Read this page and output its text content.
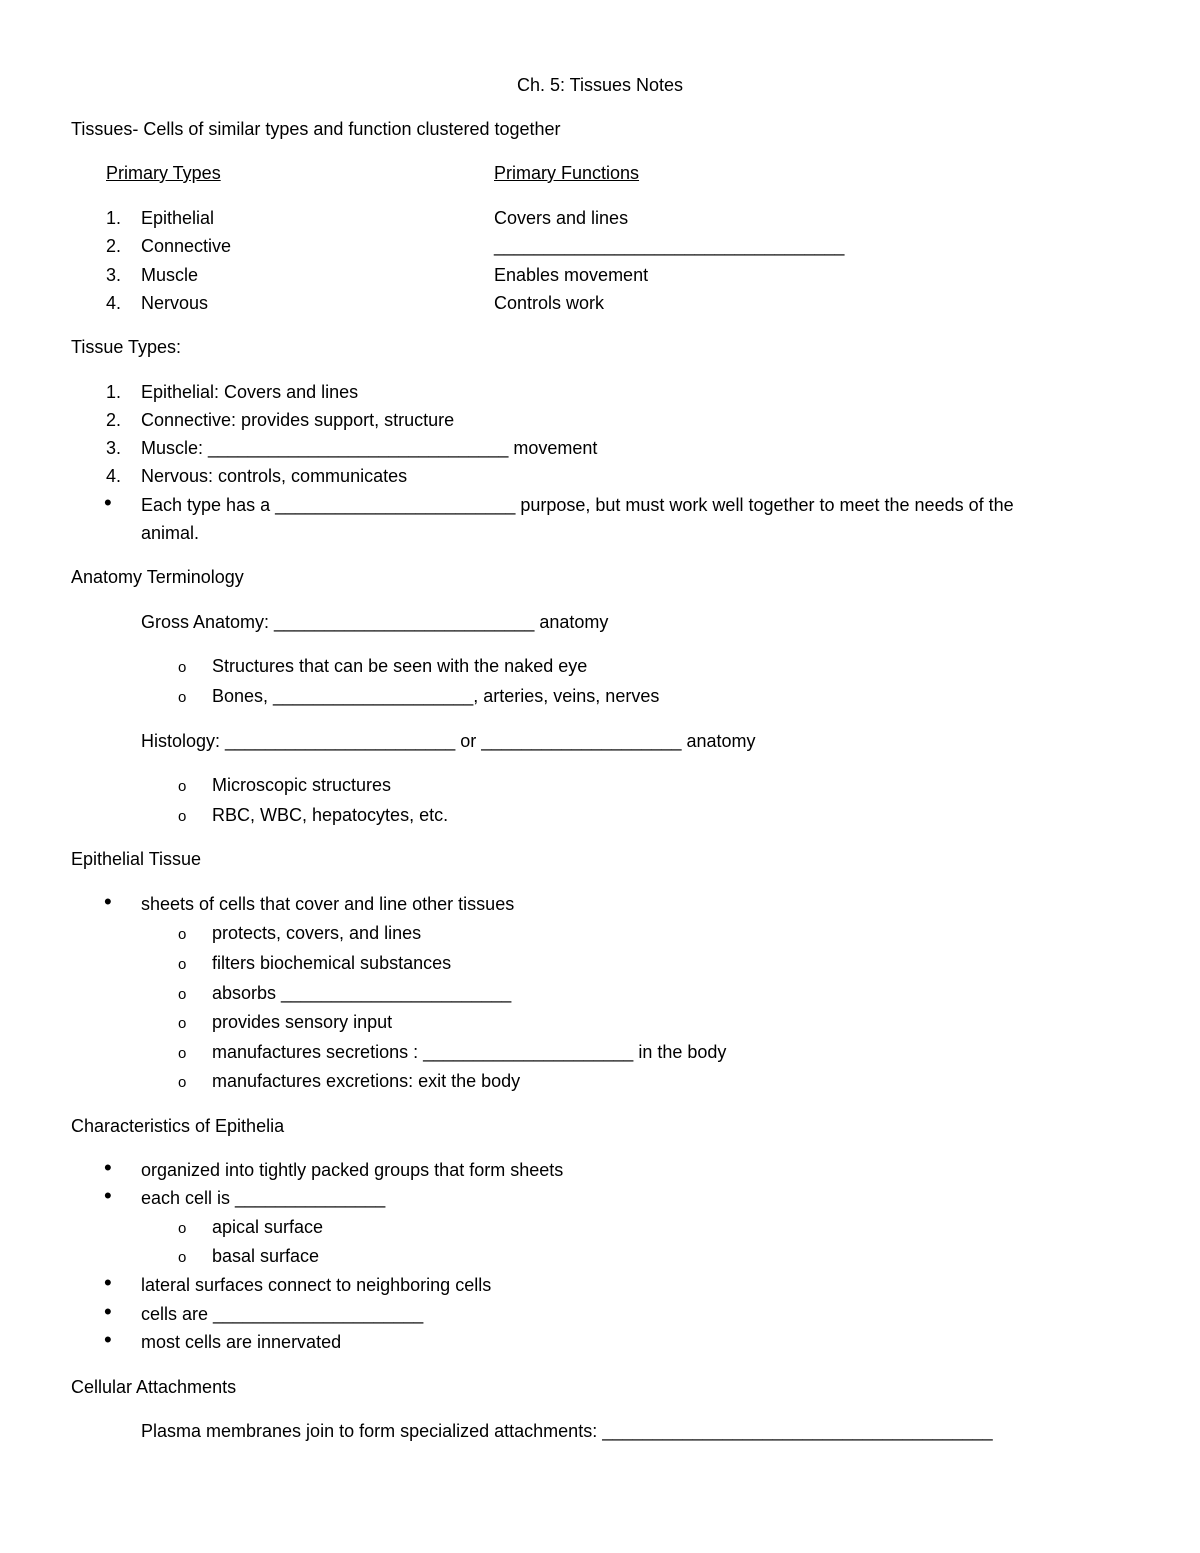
Ch. 5: Tissues Notes
Tissues- Cells of similar types and function clustered together
Primary Types	Primary Functions
1. Epithelial	Covers and lines
2. Connective	___________________________________
3. Muscle	Enables movement
4. Nervous	Controls work
Tissue Types:
1. Epithelial: Covers and lines
2. Connective: provides support, structure
3. Muscle: ______________________________ movement
4. Nervous: controls, communicates
• Each type has a ________________________ purpose, but must work well together to meet the needs of the
animal.
Anatomy Terminology
Gross Anatomy: __________________________ anatomy
o Structures that can be seen with the naked eye
o Bones, ____________________, arteries, veins, nerves
Histology: _______________________ or ____________________ anatomy
o Microscopic structures
o RBC, WBC, hepatocytes, etc.
Epithelial Tissue
• sheets of cells that cover and line other tissues
o protects, covers, and lines
o filters biochemical substances
o absorbs _______________________
o provides sensory input
o manufactures secretions : _____________________ in the body
o manufactures excretions: exit the body
Characteristics of Epithelia
• organized into tightly packed groups that form sheets
• each cell is _______________
o apical surface
o basal surface
• lateral surfaces connect to neighboring cells
• cells are _____________________
• most cells are innervated
Cellular Attachments
Plasma membranes join to form specialized attachments: _______________________________________
